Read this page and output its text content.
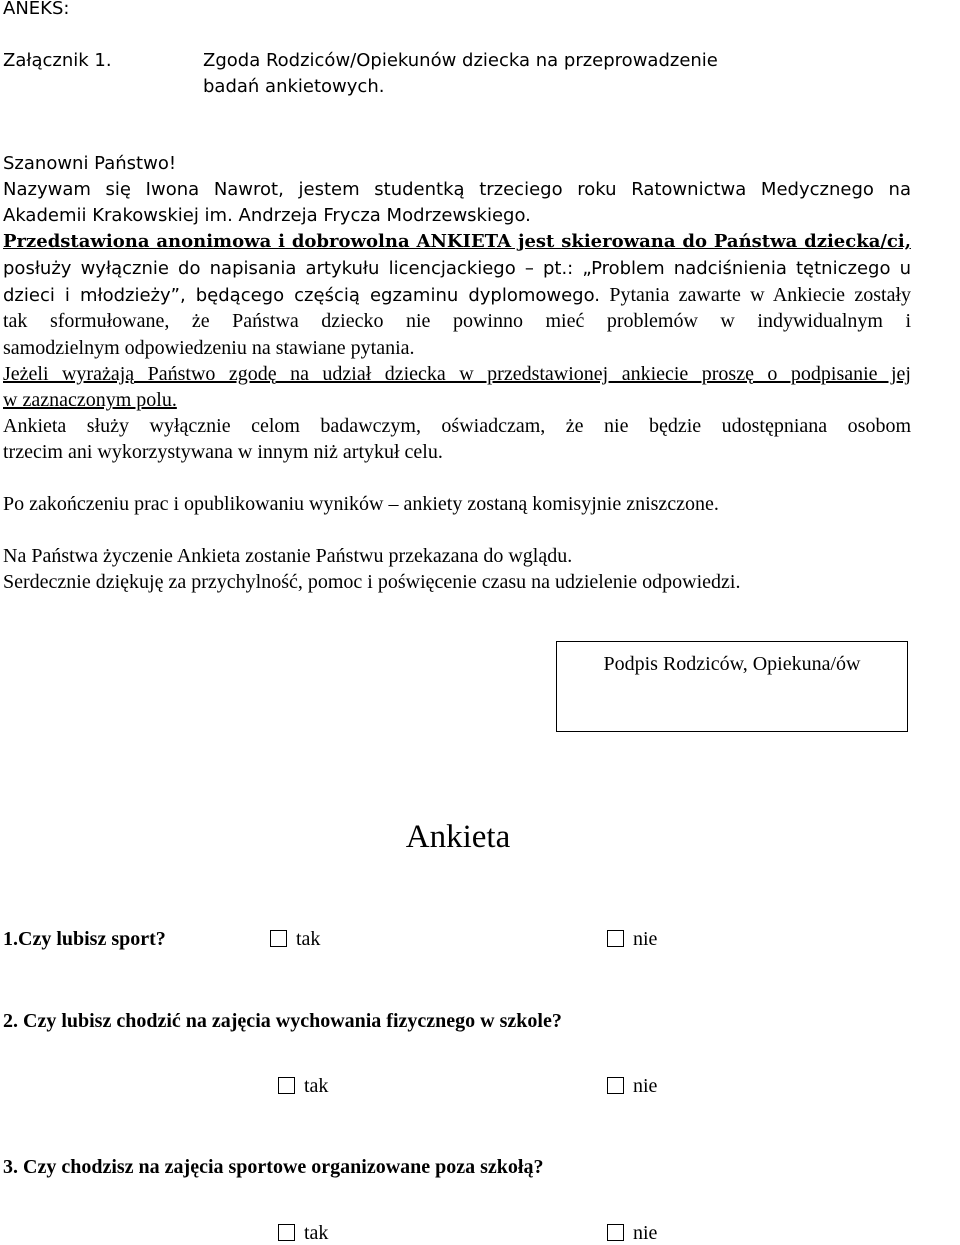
ANEKS:
Załącznik 1.	Zgoda Rodziców/Opiekunów dziecka na przeprowadzenie
badań ankietowych.
Szanowni Państwo!
Nazywam się Iwona Nawrot, jestem studentką trzeciego roku Ratownictwa Medycznego na
Akademii Krakowskiej im. Andrzeja Frycza Modrzewskiego.
Przedstawiona anonimowa i dobrowolna ANKIETA jest skierowana do Państwa dziecka/ci,
posłuży wyłącznie do napisania artykułu licencjackiego – pt.: „Problem nadciśnienia tętniczego u
dzieci i młodzieży”, będącego częścią egzaminu dyplomowego. Pytania zawarte w Ankiecie zostały
tak sformułowane, że Państwa dziecko nie powinno mieć problemów w indywidualnym i
samodzielnym odpowiedzeniu na stawiane pytania.
Jeżeli wyrażają Państwo zgodę na udział dziecka w przedstawionej ankiecie proszę o podpisanie jej
w zaznaczonym polu.
Ankieta służy wyłącznie celom badawczym, oświadczam, że nie będzie udostępniana osobom
trzecim ani wykorzystywana w innym niż artykuł celu.
Po zakończeniu prac i opublikowaniu wyników – ankiety zostaną komisyjnie zniszczone.
Na Państwa życzenie Ankieta zostanie Państwu przekazana do wglądu.
Serdecznie dziękuję za przychylność, pomoc i poświęcenie czasu na udzielenie odpowiedzi.
Podpis Rodziców, Opiekuna/ów
Ankieta
1.Czy lubisz sport?	tak	nie
2. Czy lubisz chodzić na zajęcia wychowania fizycznego w szkole?
tak	nie
3. Czy chodzisz na zajęcia sportowe organizowane poza szkołą?
tak	nie
